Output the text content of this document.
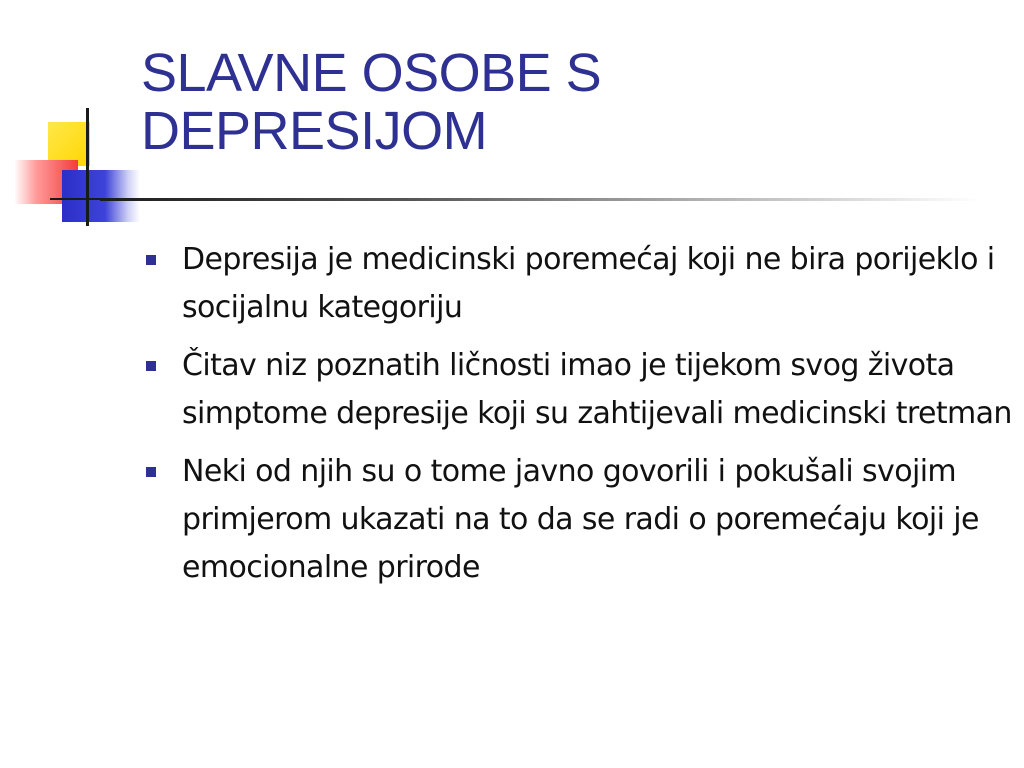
SLAVNE OSOBE S
DEPRESIJOM
Depresija je medicinski poremećaj koji ne bira porijeklo i socijalnu kategoriju
Čitav niz poznatih ličnosti imao je tijekom svog života simptome depresije koji su zahtijevali medicinski tretman
Neki od njih su o tome javno govorili i pokušali svojim primjerom ukazati na to da se radi o poremećaju koji je emocionalne prirode
